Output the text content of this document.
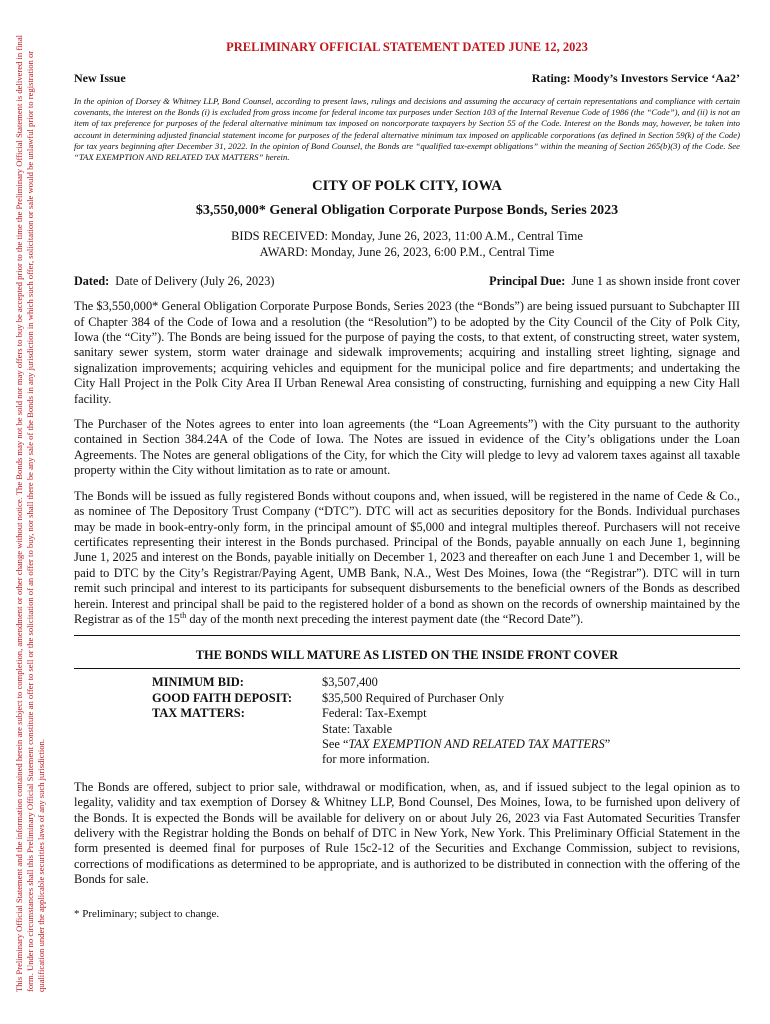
This Preliminary Official Statement and the information contained herein are subject to completion, amendment or other change without notice. The Bonds may not be sold nor may offers to buy be accepted prior to the time the Preliminary Official Statement is delivered in final form. Under no circumstances shall this Preliminary Official Statement constitute an offer to sell or the solicitation of an offer to buy, nor shall there be any sale of the Bonds in any jurisdiction in which such offer, solicitation or sale would be unlawful prior to registration or qualification under the applicable securities laws of any such jurisdiction.
PRELIMINARY OFFICIAL STATEMENT DATED JUNE 12, 2023
New Issue	Rating: Moody’s Investors Service ‘Aa2’
In the opinion of Dorsey & Whitney LLP, Bond Counsel, according to present laws, rulings and decisions and assuming the accuracy of certain representations and compliance with certain covenants, the interest on the Bonds (i) is excluded from gross income for federal income tax purposes under Section 103 of the Internal Revenue Code of 1986 (the “Code”), and (ii) is not an item of tax preference for purposes of the federal alternative minimum tax imposed on noncorporate taxpayers by Section 55 of the Code. Interest on the Bonds may, however, be taken into account in determining adjusted financial statement income for purposes of the federal alternative minimum tax imposed on applicable corporations (as defined in Section 59(k) of the Code) for tax years beginning after December 31, 2022. In the opinion of Bond Counsel, the Bonds are “qualified tax-exempt obligations” within the meaning of Section 265(b)(3) of the Code. See “TAX EXEMPTION AND RELATED TAX MATTERS” herein.
CITY OF POLK CITY, IOWA
$3,550,000* General Obligation Corporate Purpose Bonds, Series 2023
BIDS RECEIVED: Monday, June 26, 2023, 11:00 A.M., Central Time
AWARD: Monday, June 26, 2023, 6:00 P.M., Central Time
Dated: Date of Delivery (July 26, 2023)	Principal Due: June 1 as shown inside front cover
The $3,550,000* General Obligation Corporate Purpose Bonds, Series 2023 (the “Bonds”) are being issued pursuant to Subchapter III of Chapter 384 of the Code of Iowa and a resolution (the “Resolution”) to be adopted by the City Council of the City of Polk City, Iowa (the “City”). The Bonds are being issued for the purpose of paying the costs, to that extent, of constructing street, water system, sanitary sewer system, storm water drainage and sidewalk improvements; acquiring and installing street lighting, signage and signalization improvements; acquiring vehicles and equipment for the municipal police and fire departments; and undertaking the City Hall Project in the Polk City Area II Urban Renewal Area consisting of constructing, furnishing and equipping a new City Hall facility.
The Purchaser of the Notes agrees to enter into loan agreements (the “Loan Agreements”) with the City pursuant to the authority contained in Section 384.24A of the Code of Iowa. The Notes are issued in evidence of the City’s obligations under the Loan Agreements. The Notes are general obligations of the City, for which the City will pledge to levy ad valorem taxes against all taxable property within the City without limitation as to rate or amount.
The Bonds will be issued as fully registered Bonds without coupons and, when issued, will be registered in the name of Cede & Co., as nominee of The Depository Trust Company (“DTC”). DTC will act as securities depository for the Bonds. Individual purchases may be made in book-entry-only form, in the principal amount of $5,000 and integral multiples thereof. Purchasers will not receive certificates representing their interest in the Bonds purchased. Principal of the Bonds, payable annually on each June 1, beginning June 1, 2025 and interest on the Bonds, payable initially on December 1, 2023 and thereafter on each June 1 and December 1, will be paid to DTC by the City’s Registrar/Paying Agent, UMB Bank, N.A., West Des Moines, Iowa (the “Registrar”). DTC will in turn remit such principal and interest to its participants for subsequent disbursements to the beneficial owners of the Bonds as described herein. Interest and principal shall be paid to the registered holder of a bond as shown on the records of ownership maintained by the Registrar as of the 15th day of the month next preceding the interest payment date (the “Record Date”).
THE BONDS WILL MATURE AS LISTED ON THE INSIDE FRONT COVER
MINIMUM BID:	$3,507,400
GOOD FAITH DEPOSIT:	$35,500 Required of Purchaser Only
TAX MATTERS:	Federal: Tax-Exempt
State: Taxable
See “TAX EXEMPTION AND RELATED TAX MATTERS”
for more information.
The Bonds are offered, subject to prior sale, withdrawal or modification, when, as, and if issued subject to the legal opinion as to legality, validity and tax exemption of Dorsey & Whitney LLP, Bond Counsel, Des Moines, Iowa, to be furnished upon delivery of the Bonds. It is expected the Bonds will be available for delivery on or about July 26, 2023 via Fast Automated Securities Transfer delivery with the Registrar holding the Bonds on behalf of DTC in New York, New York. This Preliminary Official Statement in the form presented is deemed final for purposes of Rule 15c2-12 of the Securities and Exchange Commission, subject to revisions, corrections of modifications as determined to be appropriate, and is authorized to be distributed in connection with the offering of the Bonds for sale.
* Preliminary; subject to change.
